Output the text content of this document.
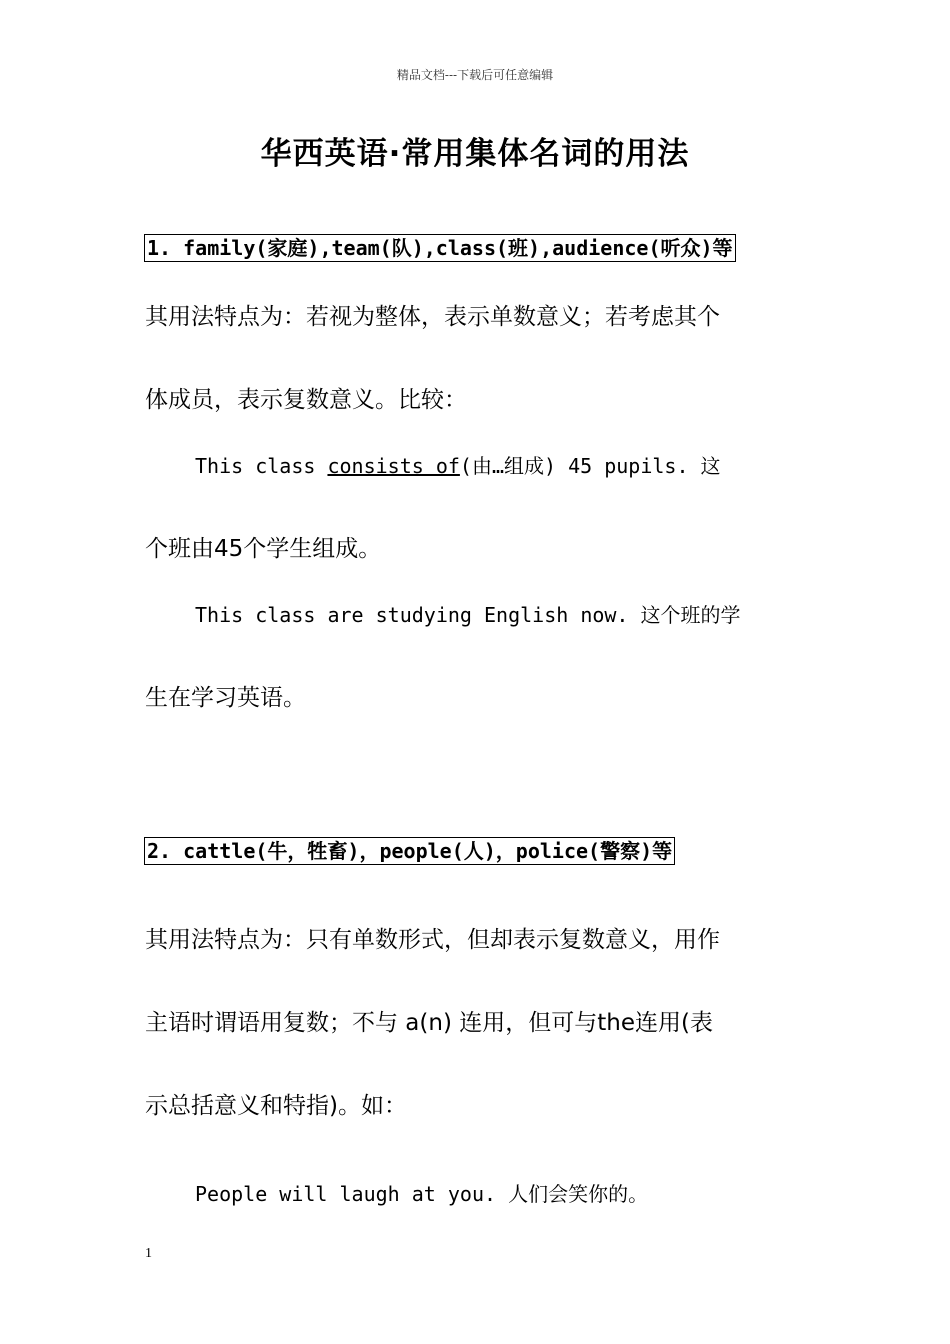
精品文档---下载后可任意编辑
华西英语·常用集体名词的用法
1. family(家庭),team(队),class(班),audience(听众)等
其用法特点为：若视为整体，表示单数意义；若考虑其个
体成员，表示复数意义。比较：
This class consists of(由…组成) 45 pupils. 这
个班由45个学生组成。
This class are studying English now. 这个班的学
生在学习英语。
2. cattle(牛，牲畜)，people(人)，police(警察)等
其用法特点为：只有单数形式，但却表示复数意义，用作
主语时谓语用复数；不与 a(n) 连用，但可与the连用(表
示总括意义和特指)。如：
People will laugh at you. 人们会笑你的。
1
